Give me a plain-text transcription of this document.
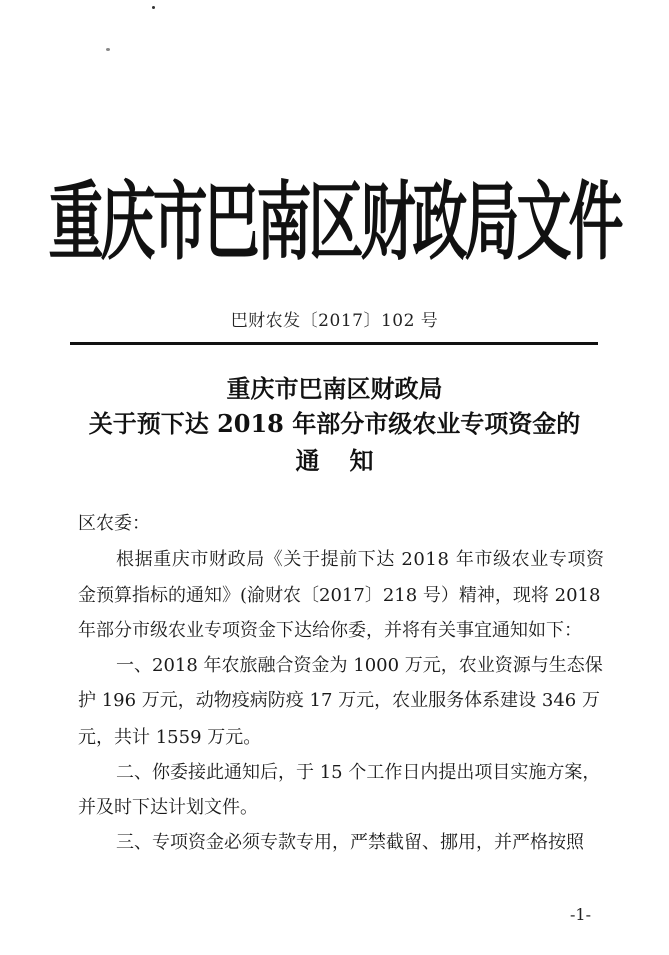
重庆市巴南区财政局文件
巴财农发〔2017〕102 号
重庆市巴南区财政局
关于预下达 2018 年部分市级农业专项资金的
通知
区农委：
根据重庆市财政局《关于提前下达 2018 年市级农业专项资
金预算指标的通知》(渝财农〔2017〕218 号）精神，现将 2018
年部分市级农业专项资金下达给你委，并将有关事宜通知如下：
一、2018 年农旅融合资金为 1000 万元，农业资源与生态保
护 196 万元，动物疫病防疫 17 万元，农业服务体系建设 346 万
元，共计 1559 万元。
二、你委接此通知后，于 15 个工作日内提出项目实施方案，
并及时下达计划文件。
三、专项资金必须专款专用，严禁截留、挪用，并严格按照
-1-
